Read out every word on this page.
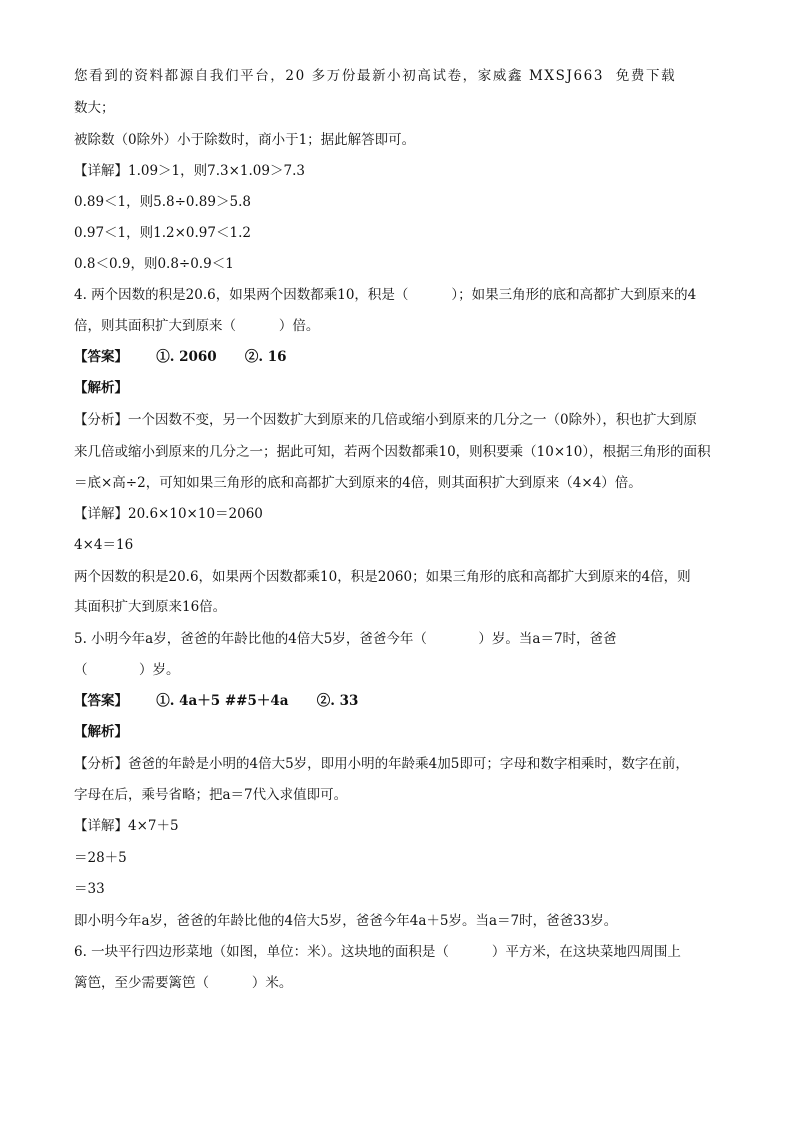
您看到的资料都源自我们平台，20 多万份最新小初高试卷，家威鑫 MXSJ663  免费下载
数大；
被除数（0除外）小于除数时，商小于1；据此解答即可。
【详解】1.09＞1，则7.3×1.09＞7.3
0.89＜1，则5.8÷0.89＞5.8
0.97＜1，则1.2×0.97＜1.2
0.8＜0.9，则0.8÷0.9＜1
4. 两个因数的积是20.6，如果两个因数都乘10，积是（          ）；如果三角形的底和高都扩大到原来的4
倍，则其面积扩大到原来（          ）倍。
【答案】      ①. 2060      ②. 16
【解析】
【分析】一个因数不变，另一个因数扩大到原来的几倍或缩小到原来的几分之一（0除外），积也扩大到原
来几倍或缩小到原来的几分之一；据此可知，若两个因数都乘10，则积要乘（10×10），根据三角形的面积
＝底×高÷2，可知如果三角形的底和高都扩大到原来的4倍，则其面积扩大到原来（4×4）倍。
【详解】20.6×10×10＝2060
4×4＝16
两个因数的积是20.6，如果两个因数都乘10，积是2060；如果三角形的底和高都扩大到原来的4倍，则
其面积扩大到原来16倍。
5. 小明今年a岁，爸爸的年龄比他的4倍大5岁，爸爸今年（            ）岁。当a＝7时，爸爸
（            ）岁。
【答案】      ①. 4a＋5 ##5＋4a      ②. 33
【解析】
【分析】爸爸的年龄是小明的4倍大5岁，即用小明的年龄乘4加5即可；字母和数字相乘时，数字在前，
字母在后，乘号省略；把a＝7代入求值即可。
【详解】4×7＋5
＝28＋5
＝33
即小明今年a岁，爸爸的年龄比他的4倍大5岁，爸爸今年4a＋5岁。当a＝7时，爸爸33岁。
6. 一块平行四边形菜地（如图，单位：米）。这块地的面积是（          ）平方米，在这块菜地四周围上
篱笆，至少需要篱笆（          ）米。
